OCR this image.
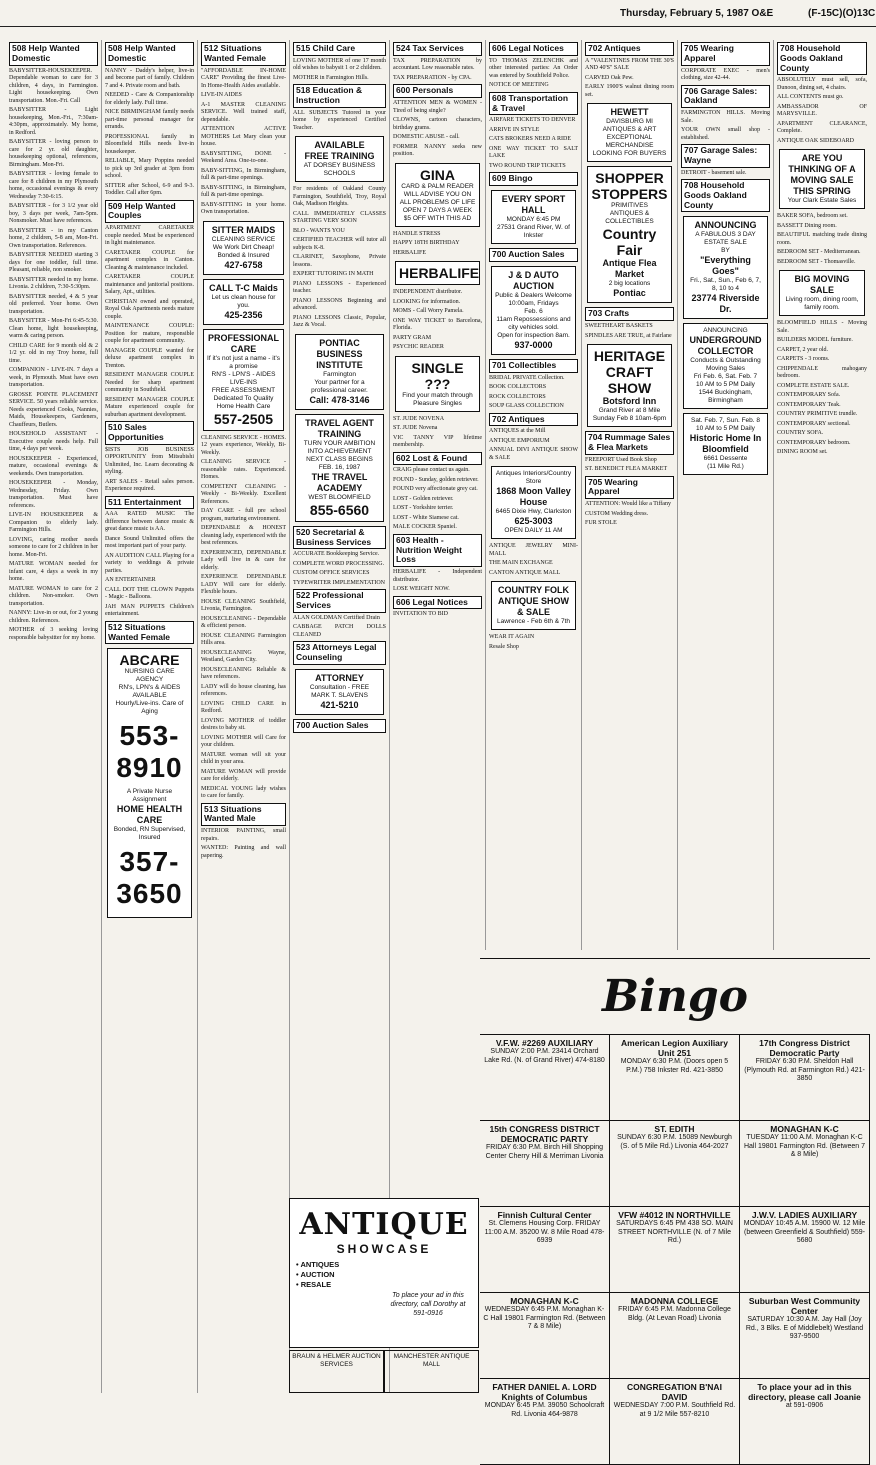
Thursday, February 5, 1987 O&E	(F-15C)(O)13C
508 Help Wanted Domestic

BABYSITTER-HOUSEKEEPER. Dependable woman to care for 3 children, 4 days, in Farmington. Light housekeeping. Own transportation. Mon.-Fri. Call

BABYSITTER - Light housekeeping, Mon.-Fri., 7:30am-4:30pm, approximately. My home, in Redford.

BABYSITTER - loving person to care for 2 yr. old daughter, housekeeping optional, references, Birmingham. Mon-Fri.

BABYSITTER - loving female to care for 8 children in my Plymouth home, occasional evenings & every Wednesday 7:30-6:15.

BABYSITTER - for 3 1/2 year old boy, 3 days per week, 7am-5pm. Nonsmoker. Must have references.

BABYSITTER - in my Canton home, 2 children, 5-8 am, Mon-Fri. Own transportation. References.

BABYSITTER NEEDED starting 3 days for one toddler, full time. Pleasant, reliable, non smoker.

BABYSITTER needed in my home. Livonia. 2 children, 7:30-5:30pm.

BABYSITTER needed, 4 & 5 year old preferred. Your home. Own transportation.

BABYSITTER - Mon-Fri 6:45-5:30. Clean home, light housekeeping, warm & caring person.

CHILD CARE for 9 month old & 2 1/2 yr. old in my Troy home, full time.

COMPANION - LIVE-IN. 7 days a week, in Plymouth. Must have own transportation.

GROSSE POINTE PLACEMENT SERVICE. 50 years reliable service. Needs experienced Cooks, Nannies, Maids, Housekeepers, Gardeners, Chauffeurs, Butlers.

HOUSEHOLD ASSISTANT - Executive couple needs help. Full time, 4 days per week.

HOUSEKEEPER - Experienced, mature, occasional evenings & weekends. Own transportation.

HOUSEKEEPER - Monday, Wednesday, Friday. Own transportation. Must have references.

LIVE-IN HOUSEKEEPER & Companion to elderly lady. Farmington Hills.

LOVING, caring mother needs someone to care for 2 children in her home. Mon-Fri.

MATURE WOMAN needed for infant care, 4 days a week in my home.

MATURE WOMAN to care for 2 children. Non-smoker. Own transportation.

NANNY: Live-in or out, for 2 young children. References.

MOTHER of 3 seeking loving responsible babysitter for my home.

508 Help Wanted Domestic

NANNY - Daddy's helper, live-in and become part of family. Children 7 and 4. Private room and bath.

NEEDED - Care & Companionship for elderly lady. Full time.

NICE BIRMINGHAM family needs part-time personal manager for errands.

PROFESSIONAL family in Bloomfield Hills needs live-in housekeeper.

RELIABLE, Mary Poppins needed to pick up 3rd grader at 3pm from school.

SITTER after School, 6-9 and 9-3. Toddler. Call after 6pm.

509 Help Wanted Couples

APARTMENT CARETAKER couple needed. Must be experienced in light maintenance.

CARETAKER COUPLE for apartment complex in Canton. Cleaning & maintenance included.

CARETAKER COUPLE maintenance and janitorial positions. Salary, Apt., utilities.

CHRISTIAN owned and operated, Royal Oak Apartments needs mature couple.

MAINTENANCE COUPLE: Position for mature, responsible couple for apartment community.

MANAGER COUPLE wanted for deluxe apartment complex in Trenton.

RESIDENT MANAGER COUPLE Needed for sharp apartment community in Southfield.

RESIDENT MANAGER COUPLE Mature experienced couple for suburban apartment development.

510 Sales Opportunities

$ISTS JOB BUSINESS OPPORTUNITY from Mitsubishi Unlimited, Inc. Learn decorating & styling.

ART SALES - Retail sales person. Experience required.

511 Entertainment

AAA RATED MUSIC The difference between dance music & great dance music is AA.

Dance Sound Unlimited offers the most important part of your party.

AN AUDITION CALL Playing for a variety to weddings & private parties.

AN ENTERTAINER

CALL DOT THE CLOWN Puppets - Magic - Balloons.

JAH MAN PUPPETS Children's entertainment.

512 Situations Wanted Female
ABCARE
NURSING CARE AGENCY
RN's, LPN's & AIDES AVAILABLE
Hourly/Live-ins. Care of Aging
553-8910
A Private Nurse Assignment
HOME HEALTH CARE
Bonded, RN Supervised, Insured
357-3650
512 Situations Wanted Female

"AFFORDABLE IN-HOME CARE" Providing the finest Live-In Home-Health Aides available.

LIVE-IN AIDES

A-1 MASTER CLEANING SERVICE. Well trained staff, dependable.

ATTENTION ACTIVE MOTHERS Let Mary clean your house.

BABYSITTING, DONE - Weekend Area. One-to-one.

BABY-SITTING, In Birmingham, full & part-time openings.

BABY-SITTING, in Birmingham, full & part-time openings.

BABY-SITTING in your home. Own transportation.

SITTER MAIDS
CLEANING SERVICE
We Work Dirt Cheap!
Bonded & Insured
427-6758
CALL T-C Maids
Let us clean house for you.
425-2356
PROFESSIONAL CARE
If it's not just a name - it's a promise
RN'S - LPN'S - AIDES
LIVE-INS
FREE ASSESSMENT
Dedicated To Quality Home Health Care
557-2505

CLEANING SERVICE - HOMES. 12 years experience, Weekly, Bi-Weekly.

CLEANING SERVICE - reasonable rates. Experienced. Homes.

COMPETENT CLEANING - Weekly - Bi-Weekly. Excellent References.

DAY CARE - full pre school program, nurturing environment.

DEPENDABLE & HONEST cleaning lady, experienced with the best references.

EXPERIENCED, DEPENDABLE Lady will live in & care for elderly.

EXPERIENCE DEPENDABLE LADY Will care for elderly. Flexible hours.

HOUSE CLEANING Southfield, Livonia, Farmington.

HOUSECLEANING - Dependable & efficient person.

HOUSE CLEANING Farmington Hills area.

HOUSECLEANING Wayne, Westland, Garden City.

HOUSECLEANING Reliable & have references.

LADY will do house cleaning, has references.

LOVING CHILD CARE in Redford.

LOVING MOTHER of toddler desires to baby sit.

LOVING MOTHER will Care for your children.

MATURE woman will sit your child in your area.

MATURE WOMAN will provide care for elderly.

MEDICAL YOUNG lady wishes to care for family.

513 Situations Wanted Male

INTERIOR PAINTING, small repairs.

WANTED: Painting and wall papering.

515 Child Care

LOVING MOTHER of one 17 month old wishes to babysit 1 or 2 children.

MOTHER in Farmington Hills.

518 Education & Instruction

ALL SUBJECTS Tutored in your home by experienced Certified Teacher.

AVAILABLE
FREE TRAINING
AT DORSEY BUSINESS SCHOOLS

For residents of Oakland County Farmington, Southfield, Troy, Royal Oak, Madison Heights.

CALL IMMEDIATELY CLASSES STARTING VERY SOON

BLO - WANTS YOU

CERTIFIED TEACHER will tutor all subjects K-8.

CLARINET, Saxophone, Private lessons.

EXPERT TUTORING IN MATH

PIANO LESSONS - Experienced teacher.

PIANO LESSONS Beginning and advanced.

PIANO LESSONS Classic, Popular, Jazz & Vocal.

PONTIAC BUSINESS INSTITUTE
Farmington
Your partner for a professional career.
Call: 478-3146
TRAVEL AGENT TRAINING
TURN YOUR AMBITION INTO ACHIEVEMENT
NEXT CLASS BEGINS FEB. 16, 1987
THE TRAVEL ACADEMY
WEST BLOOMFIELD
855-6560
520 Secretarial & Business Services

ACCURATE Bookkeeping Service.

COMPLETE WORD PROCESSING.

CUSTOM OFFICE SERVICES

TYPEWRITER IMPLEMENTATION

522 Professional Services

ALAN GOLDMAN Certified Drain

CABBAGE PATCH DOLLS CLEANED

523 Attorneys Legal Counseling
ATTORNEY
Consultation - FREE
MARK T. SLAVENS
421-5210
700 Auction Sales
524 Tax Services

TAX PREPARATION by accountant. Low reasonable rates.

TAX PREPARATION - by CPA.

600 Personals

ATTENTION MEN & WOMEN - Tired of being single?

CLOWNS, cartoon characters, birthday grams.

DOMESTIC ABUSE - call.

FORMER NANNY seeks new position.

GINA
CARD & PALM READER
WILL ADVISE YOU ON ALL PROBLEMS OF LIFE
OPEN 7 DAYS A WEEK
$5 OFF WITH THIS AD

HANDLE STRESS

HAPPY 18TH BIRTHDAY

HERBALIFE

HERBALIFE

INDEPENDENT distributor.

LOOKING for information.

MOMS - Call Worry Pamela.

ONE WAY TICKET to Barcelona, Florida.

PARTY GRAM

PSYCHIC READER

SINGLE ???
Find your match through Pleasure Singles

ST. JUDE NOVENA

ST. JUDE Novena

VIC TANNY VIP lifetime membership.

602 Lost & Found

CRAIG please contact us again.

FOUND - Sunday, golden retriever.

FOUND very affectionate grey cat.

LOST - Golden retriever.

LOST - Yorkshire terrier.

LOST - White Siamese cat.

MALE COCKER Spaniel.

603 Health - Nutrition Weight Loss

HERBALIFE - Independent distributor.

LOSE WEIGHT NOW.

606 Legal Notices

INVITATION TO BID

606 Legal Notices

TO THOMAS ZELENCHK and other interested parties: An Order was entered by Southfield Police.

NOTICE OF MEETING

608 Transportation & Travel

AIRFARE TICKETS TO DENVER

ARRIVE IN STYLE

CATS BROKERS NEED A RIDE

ONE WAY TICKET TO SALT LAKE

TWO ROUND TRIP TICKETS

609 Bingo
EVERY SPORT HALL
MONDAY 6:45 PM
27531 Grand River, W. of Inkster
700 Auction Sales
J & D AUTO AUCTION
Public & Dealers Welcome
10:00am, Fridays
Feb. 6
11am Repossessions and city vehicles sold.
Open for inspection 8am.
937-0000
701 Collectibles

BRIDAL PRIVATE Collection.

BOOK COLLECTORS

ROCK COLLECTORS

SOUP GLASS COLLECTION

702 Antiques

ANTIQUES at the Mill

ANTIQUE EMPORIUM

ANNUAL DIVI ANTIQUE SHOW & SALE

Antiques Interiors/Country Store
1868 Moon Valley House
6465 Dixie Hwy, Clarkston
625-3003
OPEN DAILY 11 AM

ANTIQUE JEWELRY MINI-MALL

THE MAIN EXCHANGE

CANTON ANTIQUE MALL

COUNTRY FOLK ANTIQUE SHOW & SALE
Lawrence - Feb 6th & 7th

WEAR IT AGAIN

Resale Shop

702 Antiques

A "VALENTINES FROM THE 30'S AND 40'S" SALE

CARVED Oak Pew.

EARLY 1900'S walnut dining room set.

HEWETT
DAVISBURG MI
ANTIQUES & ART
EXCEPTIONAL MERCHANDISE
LOOKING FOR BUYERS
SHOPPER STOPPERS
PRIMITIVES
ANTIQUES & COLLECTIBLES
Country Fair
Antique Flea Market
2 big locations
Pontiac
703 Crafts

SWEETHEART BASKETS

SPINDLES ARE TRUE, at Fairlane

HERITAGE
CRAFT SHOW
Botsford Inn
Grand River at 8 Mile
Sunday Feb 8 10am-6pm
704 Rummage Sales & Flea Markets

FREEPORT Used Book Shop

ST. BENEDICT FLEA MARKET

705 Wearing Apparel

ATTENTION: Would like a Tiffany

CUSTOM Wedding dress.

FUR STOLE

705 Wearing Apparel

CORPORATE EXEC - men's clothing, size 42-44.

706 Garage Sales: Oakland

FARMINGTON HILLS. Moving Sale.

YOUR OWN small shop - established.

707 Garage Sales: Wayne

DETROIT - basement sale.

708 Household Goods Oakland County
ANNOUNCING
A FABULOUS 3 DAY ESTATE SALE
BY
"Everything Goes"
Fri., Sat., Sun., Feb 6, 7, 8, 10 to 4
23774 Riverside Dr.
ANNOUNCING
UNDERGROUND COLLECTOR
Conducts & Outstanding Moving Sales
Fri Feb. 6, Sat. Feb. 7
10 AM to 5 PM Daily
1544 Buckingham, Birmingham
Sat. Feb. 7, Sun. Feb. 8
10 AM to 5 PM Daily
Historic Home In Bloomfield
6661 Dessente
(11 Mile Rd.)
708 Household Goods Oakland County

ABSOLUTELY must sell, sofa, Dunoon, dining set, 4 chairs.

ALL CONTENTS must go.

AMBASSADOR OF MARYSVILLE.

APARTMENT CLEARANCE, Complete.

ANTIQUE OAK SIDEBOARD

ARE YOU THINKING OF A MOVING SALE THIS SPRING
Your Clark Estate Sales

BAKER SOFA, bedroom set.

BASSETT Dining room.

BEAUTIFUL matching trade dining room.

BEDROOM SET - Mediterranean.

BEDROOM SET - Thomasville.

BIG MOVING SALE
Living room, dining room, family room.

BLOOMFIELD HILLS - Moving Sale.

BUILDERS MODEL furniture.

CARPET, 2 year old.

CARPETS - 3 rooms.

CHIPPENDALE mahogany bedroom.

COMPLETE ESTATE SALE.

CONTEMPORARY Sofa.

CONTEMPORARY Teak.

COUNTRY PRIMITIVE trundle.

CONTEMPORARY sectional.

COUNTRY SOFA.

CONTEMPORARY bedroom.

DINING ROOM set.

ANTIQUE
SHOWCASE
• ANTIQUES
• AUCTION
• RESALE
To place your ad in this directory, call Dorothy at 591-0916
BRAUN & HELMER AUCTION SERVICES
MANCHESTER ANTIQUE MALL
Bingo
V.F.W. #2269 AUXILIARY
SUNDAY 2:00 P.M. 23414 Orchard Lake Rd. (N. of Grand River) 474-8180
American Legion Auxiliary Unit 251
MONDAY 6:30 P.M. (Doors open 5 P.M.) 758 Inkster Rd. 421-3850
17th Congress District Democratic Party
FRIDAY 6:30 P.M. Sheldon Hall (Plymouth Rd. at Farmington Rd.) 421-3850
15th CONGRESS DISTRICT DEMOCRATIC PARTY
FRIDAY 6:30 P.M. Birch Hill Shopping Center Cherry Hill & Merriman Livonia
ST. EDITH
SUNDAY 6:30 P.M. 15089 Newburgh (S. of 5 Mile Rd.) Livonia 464-2027
MONAGHAN K-C
TUESDAY 11:00 A.M. Monaghan K-C Hall 19801 Farmington Rd. (Between 7 & 8 Mile)
Finnish Cultural Center
St. Clemens Housing Corp. FRIDAY 11:00 A.M. 35200 W. 8 Mile Road 478-6939
VFW #4012 IN NORTHVILLE
SATURDAYS 6:45 PM 438 SO. MAIN STREET NORTHVILLE (N. of 7 Mile Rd.)
J.W.V. LADIES AUXILIARY
MONDAY 10:45 A.M. 15900 W. 12 Mile (between Greenfield & Southfield) 559-5680
MONAGHAN K-C
WEDNESDAY 6:45 P.M. Monaghan K-C Hall 19801 Farmington Rd. (Between 7 & 8 Mile)
MADONNA COLLEGE
FRIDAY 6:45 P.M. Madonna College Bldg. (At Levan Road) Livonia
Suburban West Community Center
SATURDAY 10:30 A.M. Jay Hall (Joy Rd., 3 Blks. E of Middlebelt) Westland 937-9500
FATHER DANIEL A. LORD Knights of Columbus
MONDAY 6:45 P.M. 39050 Schoolcraft Rd. Livonia 464-9878
CONGREGATION B'NAI DAVID
WEDNESDAY 7:00 P.M. Southfield Rd. at 9 1/2 Mile 557-8210
To place your ad in this directory, please call Joanie
at 591-0906
